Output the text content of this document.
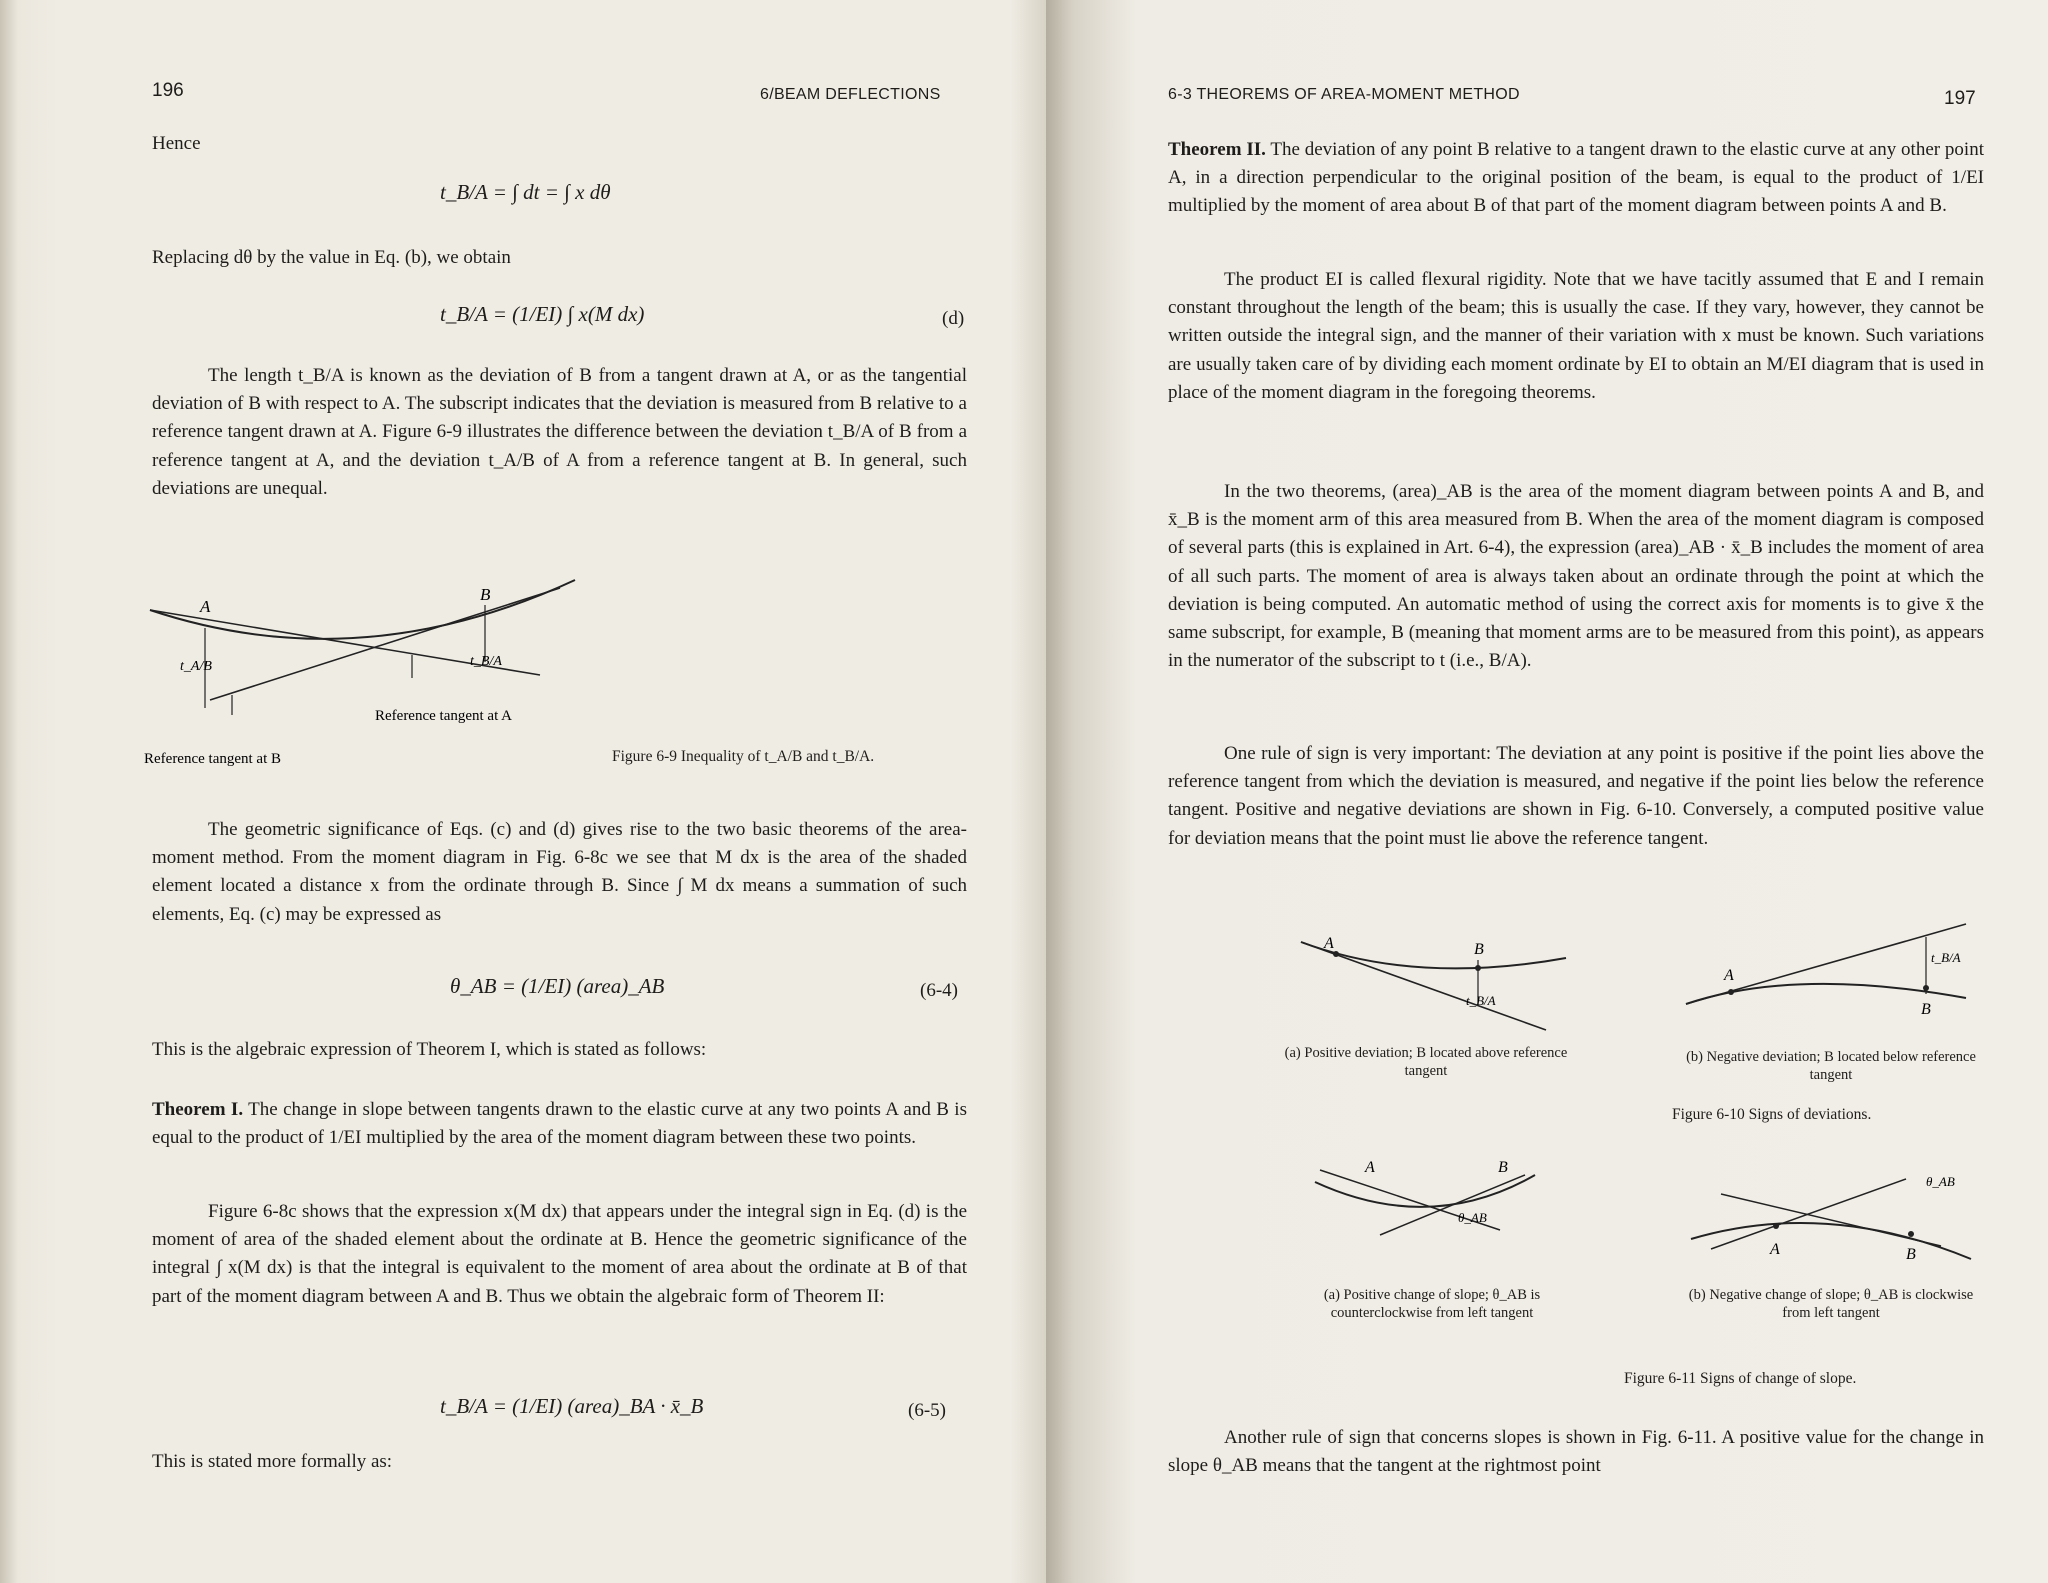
196	6/BEAM DEFLECTIONS
Hence
t_B/A = ∫ dt = ∫ x dθ
Replacing dθ by the value in Eq. (b), we obtain
t_B/A = (1/EI) ∫ x(M dx)	(d)
The length t_B/A is known as the deviation of B from a tangent drawn at A, or as the tangential deviation of B with respect to A. The subscript indicates that the deviation is measured from B relative to a reference tangent drawn at A. Figure 6-9 illustrates the difference between the deviation t_B/A of B from a reference tangent at A, and the deviation t_A/B of A from a reference tangent at B. In general, such deviations are unequal.
A
B
t_A/B	t_B/A
Reference tangent at A
Reference tangent at B	Figure 6-9 Inequality of t_A/B and t_B/A.
The geometric significance of Eqs. (c) and (d) gives rise to the two basic theorems of the area-moment method. From the moment diagram in Fig. 6-8c we see that M dx is the area of the shaded element located a distance x from the ordinate through B. Since ∫ M dx means a summation of such elements, Eq. (c) may be expressed as
θ_AB = (1/EI) (area)_AB	(6-4)
This is the algebraic expression of Theorem I, which is stated as follows:
Theorem I. The change in slope between tangents drawn to the elastic curve at any two points A and B is equal to the product of 1/EI multiplied by the area of the moment diagram between these two points.
Figure 6-8c shows that the expression x(M dx) that appears under the integral sign in Eq. (d) is the moment of area of the shaded element about the ordinate at B. Hence the geometric significance of the integral ∫ x(M dx) is that the integral is equivalent to the moment of area about the ordinate at B of that part of the moment diagram between A and B. Thus we obtain the algebraic form of Theorem II:
t_B/A = (1/EI) (area)_BA · x̄_B	(6-5)
This is stated more formally as:
6-3 THEOREMS OF AREA-MOMENT METHOD	197
Theorem II. The deviation of any point B relative to a tangent drawn to the elastic curve at any other point A, in a direction perpendicular to the original position of the beam, is equal to the product of 1/EI multiplied by the moment of area about B of that part of the moment diagram between points A and B.
The product EI is called flexural rigidity. Note that we have tacitly assumed that E and I remain constant throughout the length of the beam; this is usually the case. If they vary, however, they cannot be written outside the integral sign, and the manner of their variation with x must be known. Such variations are usually taken care of by dividing each moment ordinate by EI to obtain an M/EI diagram that is used in place of the moment diagram in the foregoing theorems.
In the two theorems, (area)_AB is the area of the moment diagram between points A and B, and x̄_B is the moment arm of this area measured from B. When the area of the moment diagram is composed of several parts (this is explained in Art. 6-4), the expression (area)_AB · x̄_B includes the moment of area of all such parts. The moment of area is always taken about an ordinate through the point at which the deviation is being computed. An automatic method of using the correct axis for moments is to give x̄ the same subscript, for example, B (meaning that moment arms are to be measured from this point), as appears in the numerator of the subscript to t (i.e., B/A).
One rule of sign is very important: The deviation at any point is positive if the point lies above the reference tangent from which the deviation is measured, and negative if the point lies below the reference tangent. Positive and negative deviations are shown in Fig. 6-10. Conversely, a computed positive value for deviation means that the point must lie above the reference tangent.
A	B
t_B/A
(a) Positive deviation; B located above reference tangent
A
B
t_B/A
(b) Negative deviation; B located below reference tangent
Figure 6-10 Signs of deviations.
A	B
θ_AB
(a) Positive change of slope; θ_AB is counterclockwise from left tangent
A	B
θ_AB
(b) Negative change of slope; θ_AB is clockwise from left tangent
Figure 6-11 Signs of change of slope.
Another rule of sign that concerns slopes is shown in Fig. 6-11. A positive value for the change in slope θ_AB means that the tangent at the rightmost point
